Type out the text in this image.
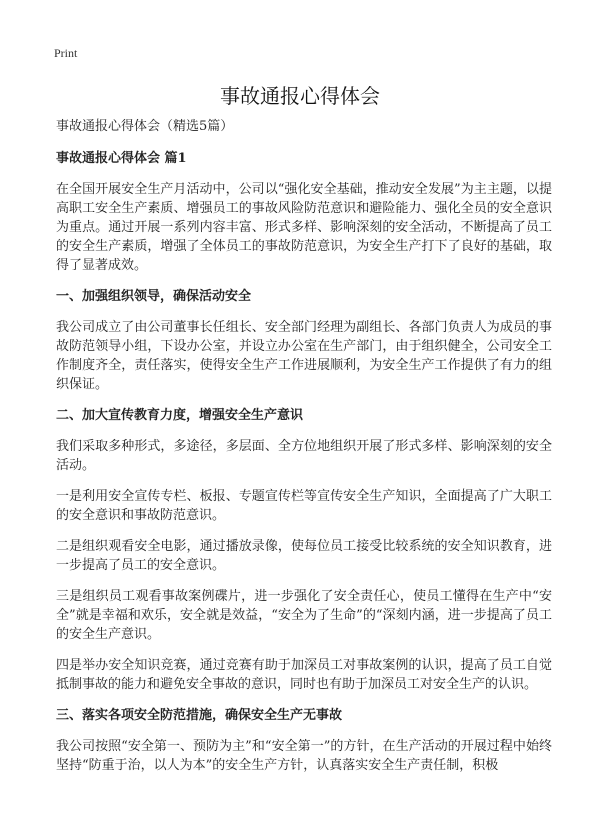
Print
事故通报心得体会

事故通报心得体会（精选5篇）

事故通报心得体会 篇1

在全国开展安全生产月活动中，公司以“强化安全基础，推动安全发展”为主主题，以提高职工安全生产素质、增强员工的事故风险防范意识和避险能力、强化全员的安全意识为重点。通过开展一系列内容丰富、形式多样、影响深刻的安全活动，不断提高了员工的安全生产素质，增强了全体员工的事故防范意识，为安全生产打下了良好的基础，取得了显著成效。

一、加强组织领导，确保活动安全

我公司成立了由公司董事长任组长、安全部门经理为副组长、各部门负责人为成员的事故防范领导小组，下设办公室，并设立办公室在生产部门，由于组织健全，公司安全工作制度齐全，责任落实，使得安全生产工作进展顺利，为安全生产工作提供了有力的组织保证。

二、加大宣传教育力度，增强安全生产意识

我们采取多种形式，多途径，多层面、全方位地组织开展了形式多样、影响深刻的安全活动。

一是利用安全宣传专栏、板报、专题宣传栏等宣传安全生产知识，全面提高了广大职工的安全意识和事故防范意识。

二是组织观看安全电影，通过播放录像，使每位员工接受比较系统的安全知识教育，进一步提高了员工的安全意识。

三是组织员工观看事故案例碟片，进一步强化了安全责任心，使员工懂得在生产中“安全”就是幸福和欢乐，安全就是效益，“安全为了生命”的“深刻内涵，进一步提高了员工的安全生产意识。

四是举办安全知识竞赛，通过竞赛有助于加深员工对事故案例的认识，提高了员工自觉抵制事故的能力和避免安全事故的意识，同时也有助于加深员工对安全生产的认识。

三、落实各项安全防范措施，确保安全生产无事故

我公司按照“安全第一、预防为主”和“安全第一”的方针，在生产活动的开展过程中始终坚持“防重于治，以人为本”的安全生产方针，认真落实安全生产责任制，积极
